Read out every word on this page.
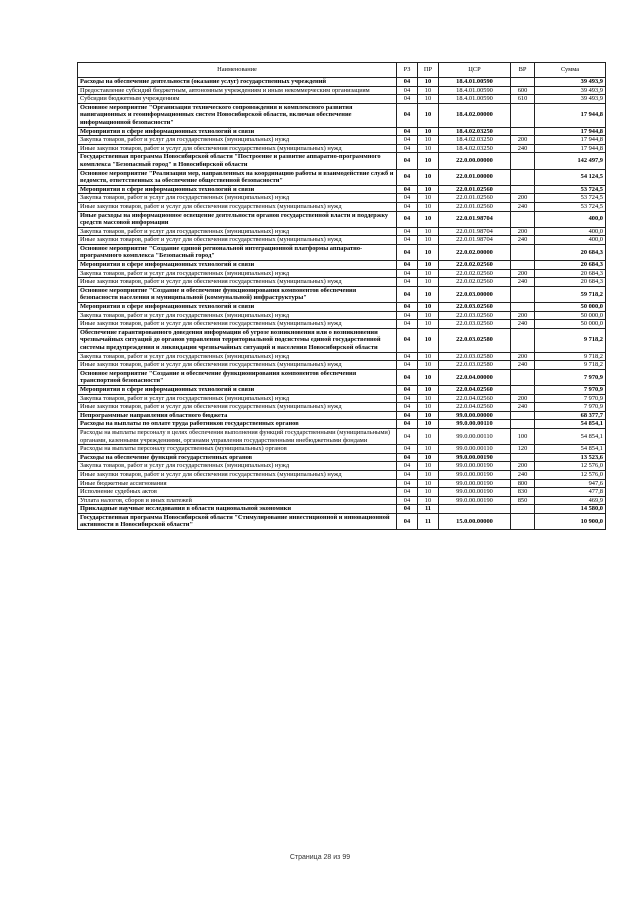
Наименование	РЗ	ПР	ЦСР	ВР	Сумма
Расходы на обеспечение деятельности (оказание услуг) государственных учреждений	04	10	18.4.01.00590		39 493,9
Предоставление субсидий бюджетным, автономным учреждениям и иным некоммерческим организациям	04	10	18.4.01.00590	600	39 493,9
Субсидии бюджетным учреждениям	04	10	18.4.01.00590	610	39 493,9
Основное мероприятие "Организация технического сопровождения и комплексного развития навигационных и геоинформационных систем Новосибирской области, включая обеспечение информационной безопасности"	04	10	18.4.02.00000		17 944,8
Мероприятия в сфере информационных технологий и связи	04	10	18.4.02.03250		17 944,8
Закупка товаров, работ и услуг для государственных (муниципальных) нужд	04	10	18.4.02.03250	200	17 944,8
Иные закупки товаров, работ и услуг для обеспечения государственных (муниципальных) нужд	04	10	18.4.02.03250	240	17 944,8
Государственная программа Новосибирской области "Построение и развитие аппаратно-программного комплекса "Безопасный город" в Новосибирской области	04	10	22.0.00.00000		142 497,9
Основное мероприятие "Реализация мер, направленных на координацию работы и взаимодействие служб и ведомств, ответственных за обеспечение общественной безопасности"	04	10	22.0.01.00000		54 124,5
Мероприятия в сфере информационных технологий и связи	04	10	22.0.01.02560		53 724,5
Закупка товаров, работ и услуг для государственных (муниципальных) нужд	04	10	22.0.01.02560	200	53 724,5
Иные закупки товаров, работ и услуг для обеспечения государственных (муниципальных) нужд	04	10	22.0.01.02560	240	53 724,5
Иные расходы на информационное освещение деятельности органов государственной власти и поддержку средств массовой информации	04	10	22.0.01.98704		400,0
Закупка товаров, работ и услуг для государственных (муниципальных) нужд	04	10	22.0.01.98704	200	400,0
Иные закупки товаров, работ и услуг для обеспечения государственных (муниципальных) нужд	04	10	22.0.01.98704	240	400,0
Основное мероприятие "Создание единой региональной интеграционной платформы аппаратно-программного комплекса "Безопасный город"	04	10	22.0.02.00000		20 684,3
Мероприятия в сфере информационных технологий и связи	04	10	22.0.02.02560		20 684,3
Закупка товаров, работ и услуг для государственных (муниципальных) нужд	04	10	22.0.02.02560	200	20 684,3
Иные закупки товаров, работ и услуг для обеспечения государственных (муниципальных) нужд	04	10	22.0.02.02560	240	20 684,3
Основное мероприятие "Создание и обеспечение функционирования компонентов обеспечения безопасности населения и муниципальной (коммунальной) инфраструктуры"	04	10	22.0.03.00000		59 718,2
Мероприятия в сфере информационных технологий и связи	04	10	22.0.03.02560		50 000,0
Закупка товаров, работ и услуг для государственных (муниципальных) нужд	04	10	22.0.03.02560	200	50 000,0
Иные закупки товаров, работ и услуг для обеспечения государственных (муниципальных) нужд	04	10	22.0.03.02560	240	50 000,0
Обеспечение гарантированного доведения информации об угрозе возникновения или о возникновении чрезвычайных ситуаций до органов управления территориальной подсистемы единой государственной системы предупреждения и ликвидации чрезвычайных ситуаций и населения Новосибирской области	04	10	22.0.03.02580		9 718,2
Закупка товаров, работ и услуг для государственных (муниципальных) нужд	04	10	22.0.03.02580	200	9 718,2
Иные закупки товаров, работ и услуг для обеспечения государственных (муниципальных) нужд	04	10	22.0.03.02580	240	9 718,2
Основное мероприятие "Создание и обеспечение функционирования компонентов обеспечения транспортной безопасности"	04	10	22.0.04.00000		7 970,9
Мероприятия в сфере информационных технологий и связи	04	10	22.0.04.02560		7 970,9
Закупка товаров, работ и услуг для государственных (муниципальных) нужд	04	10	22.0.04.02560	200	7 970,9
Иные закупки товаров, работ и услуг для обеспечения государственных (муниципальных) нужд	04	10	22.0.04.02560	240	7 970,9
Непрограммные направления областного бюджета	04	10	99.0.00.00000		68 377,7
Расходы на выплаты по оплате труда работников государственных органов	04	10	99.0.00.00110		54 854,1
Расходы на выплаты персоналу в целях обеспечения выполнения функций государственными (муниципальными) органами, казенными учреждениями, органами управления государственными внебюджетными фондами	04	10	99.0.00.00110	100	54 854,1
Расходы на выплаты персоналу государственных (муниципальных) органов	04	10	99.0.00.00110	120	54 854,1
Расходы на обеспечение функций государственных органов	04	10	99.0.00.00190		13 523,6
Закупка товаров, работ и услуг для государственных (муниципальных) нужд	04	10	99.0.00.00190	200	12 576,0
Иные закупки товаров, работ и услуг для обеспечения государственных (муниципальных) нужд	04	10	99.0.00.00190	240	12 576,0
Иные бюджетные ассигнования	04	10	99.0.00.00190	800	947,6
Исполнение судебных актов	04	10	99.0.00.00190	830	477,8
Уплата налогов, сборов и иных платежей	04	10	99.0.00.00190	850	469,9
Прикладные научные исследования в области национальной экономики	04	11			14 580,0
Государственная программа Новосибирской области "Стимулирование инвестиционной и инновационной активности в Новосибирской области"	04	11	15.0.00.00000		10 900,0
Страница 28 из 99
